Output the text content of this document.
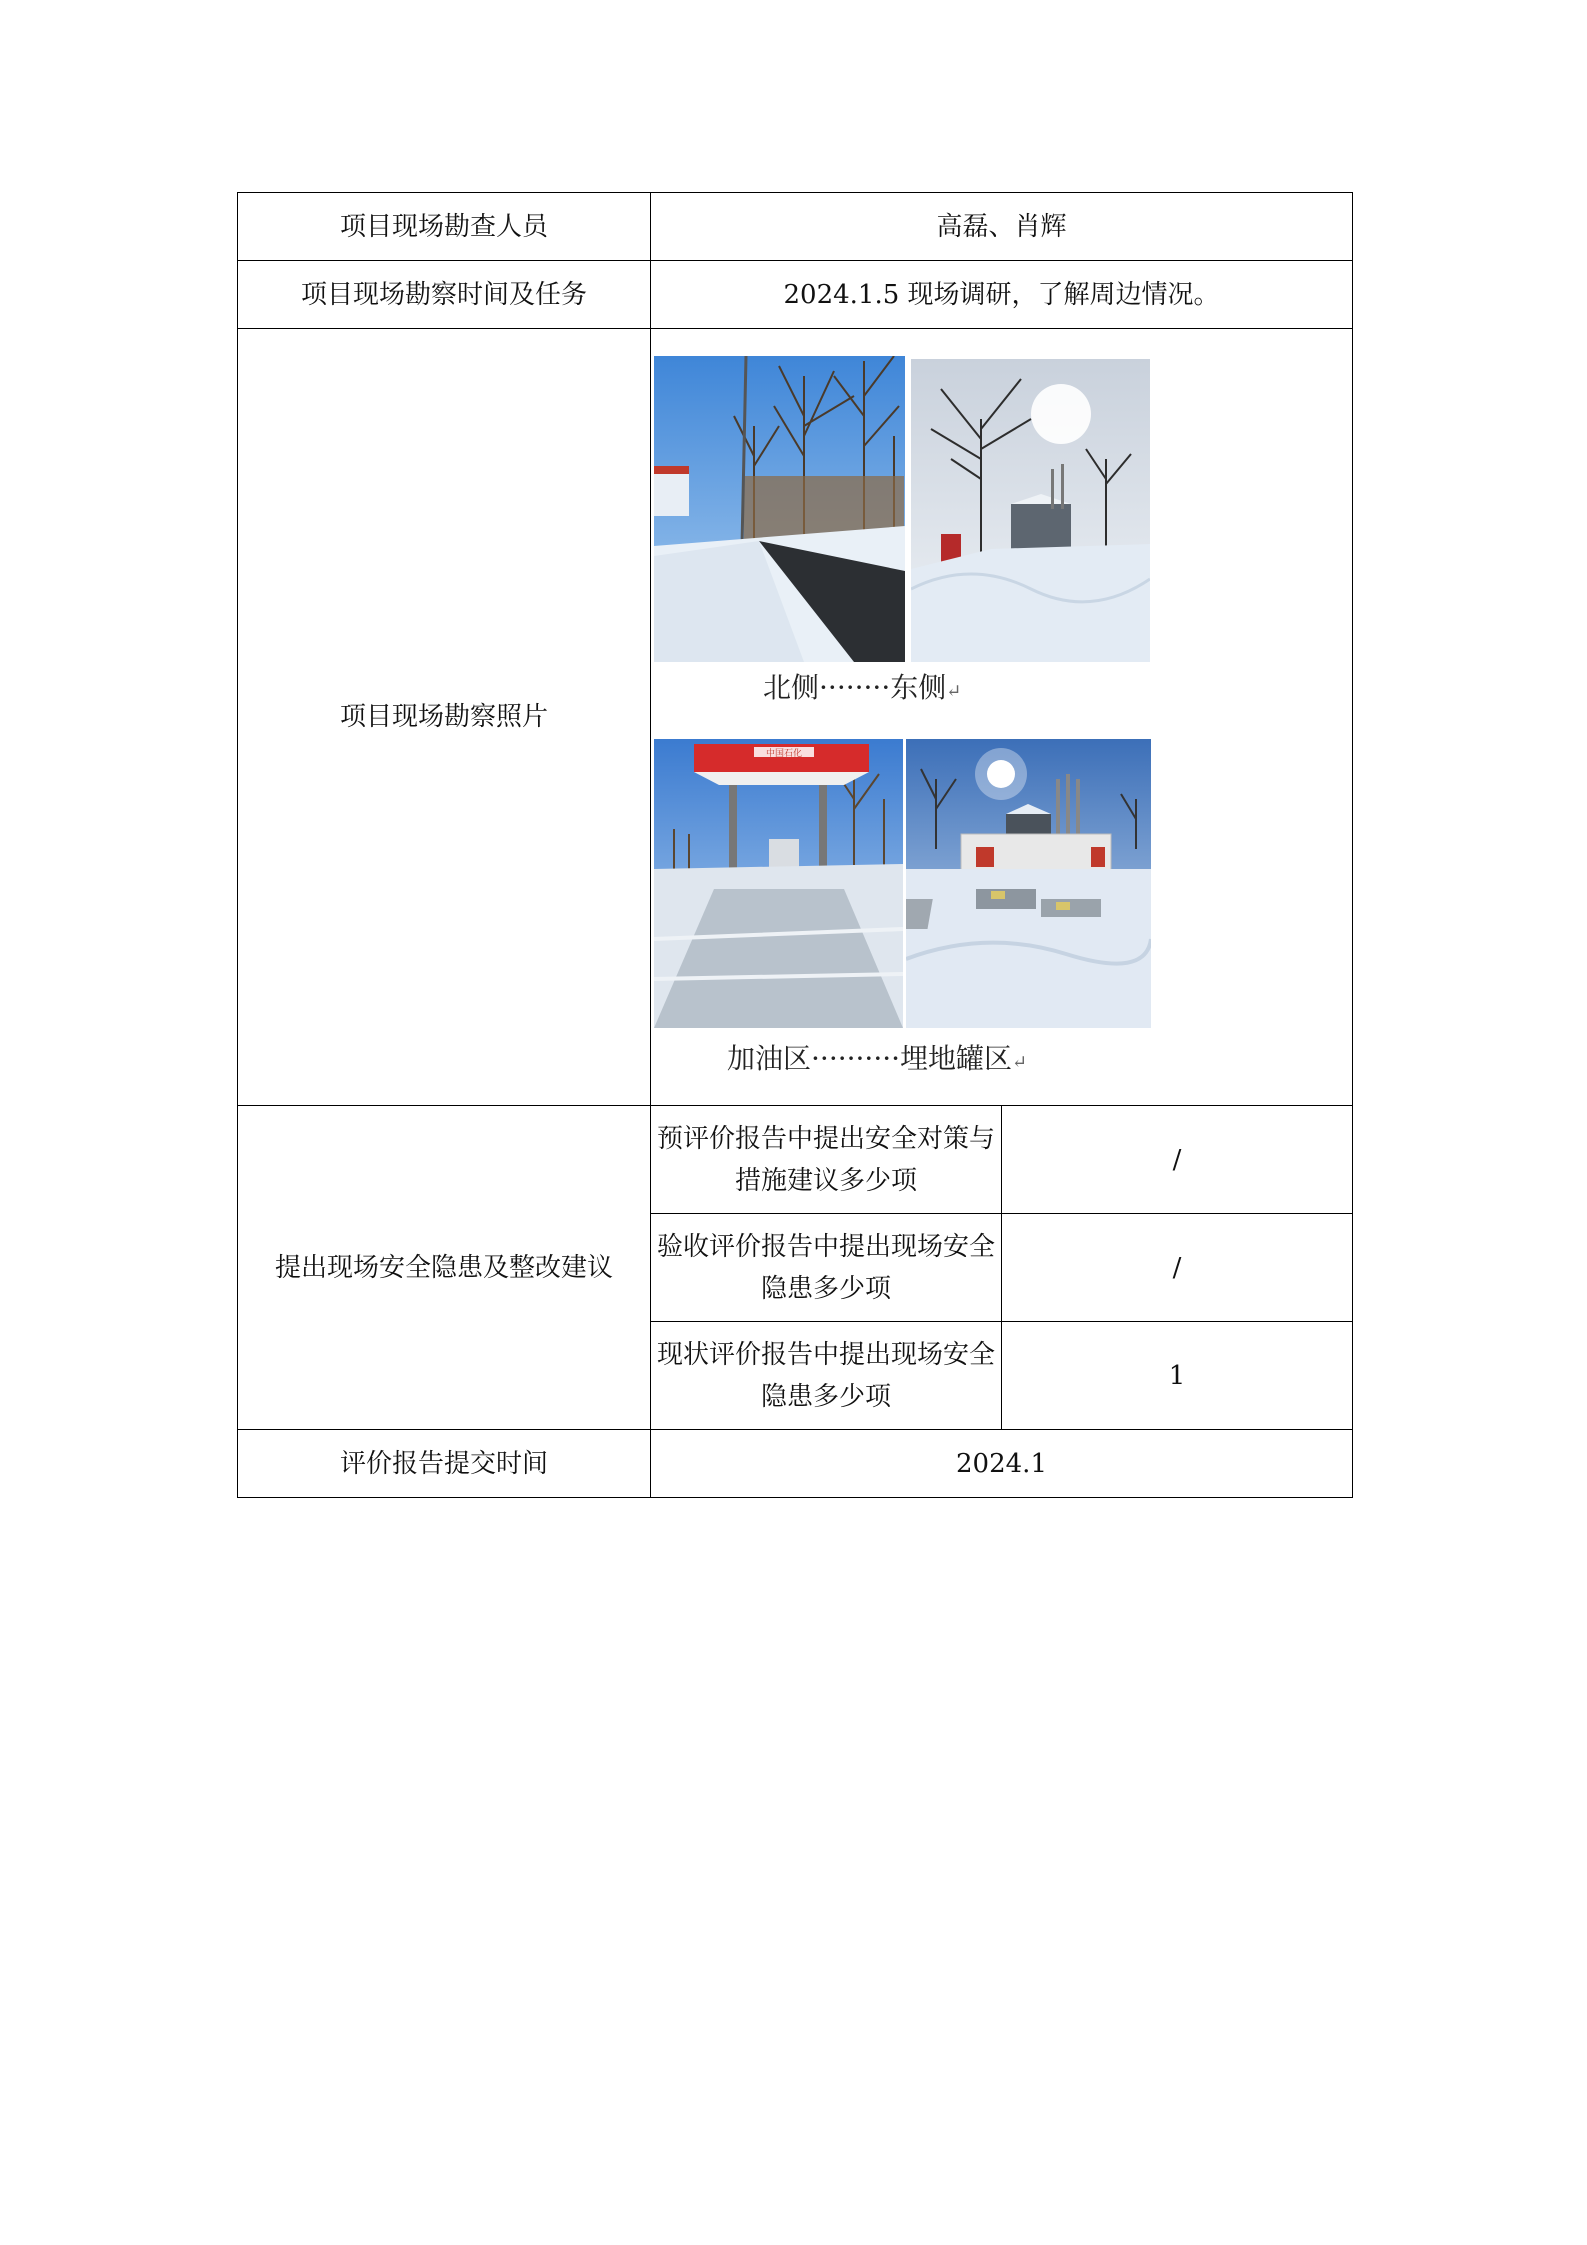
项目现场勘查人员	高磊、肖辉	
项目现场勘察时间及任务	2024.1.5 现场调研，了解周边情况。	
项目现场勘察照片	北侧········东侧↵
中国石化
加油区··········埋地罐区↵	

提出现场安全隐患及整改建议	预评价报告中提出安全对策与措施建议多少项	/
	验收评价报告中提出现场安全隐患多少项	/
	现状评价报告中提出现场安全隐患多少项	1
评价报告提交时间	2024.1	
